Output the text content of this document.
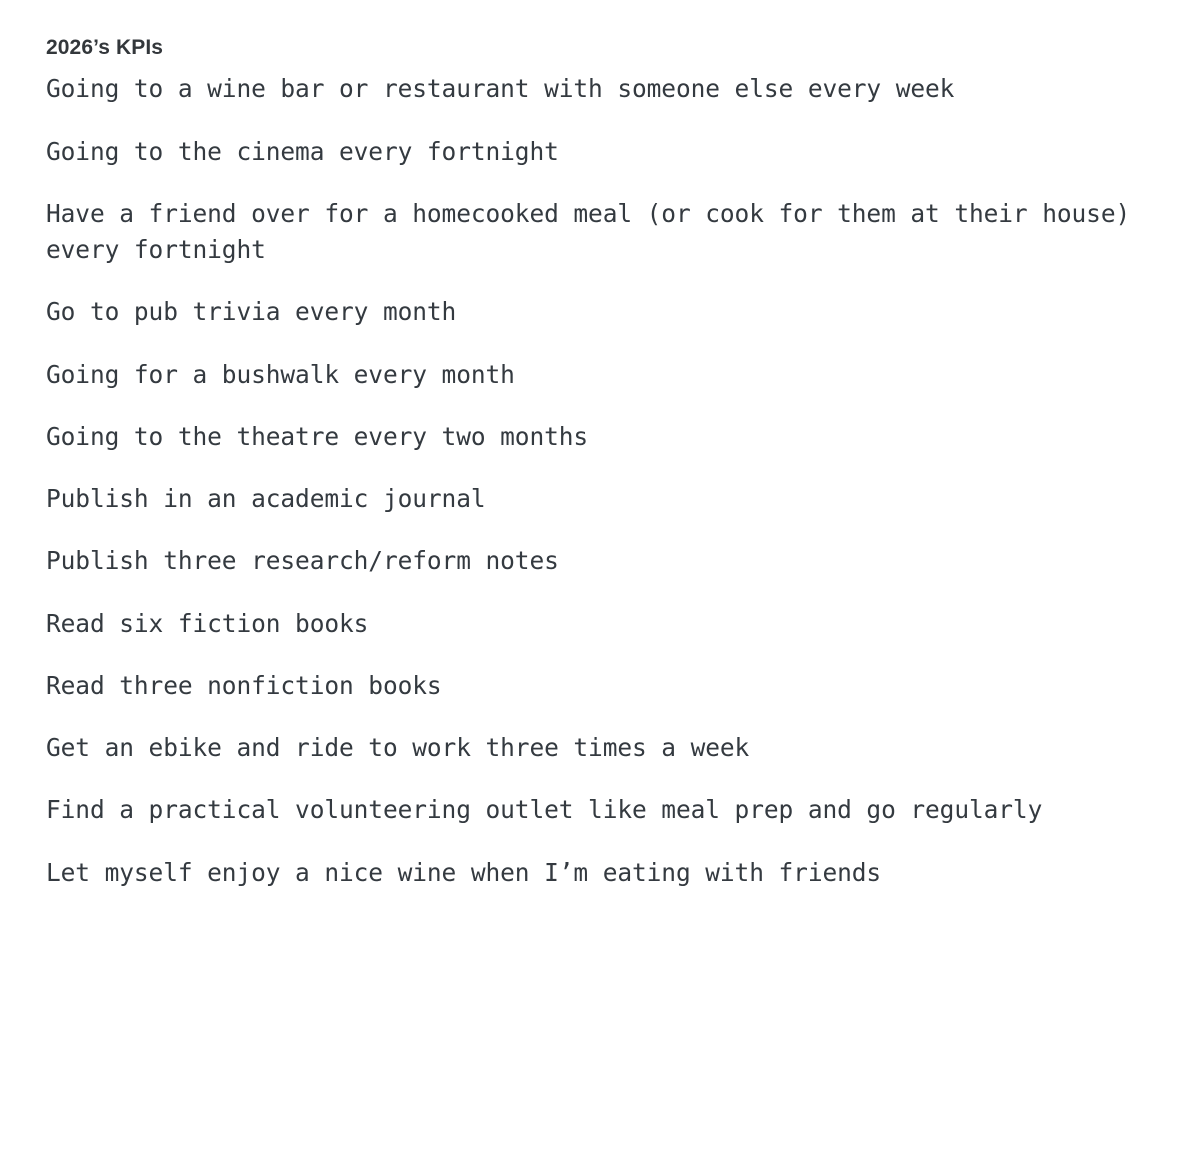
2026’s KPIs
Going to a wine bar or restaurant with someone else every week
Going to the cinema every fortnight
Have a friend over for a homecooked meal (or cook for them at their house) every fortnight
Go to pub trivia every month
Going for a bushwalk every month
Going to the theatre every two months
Publish in an academic journal
Publish three research/reform notes
Read six fiction books
Read three nonfiction books
Get an ebike and ride to work three times a week
Find a practical volunteering outlet like meal prep and go regularly
Let myself enjoy a nice wine when I’m eating with friends
